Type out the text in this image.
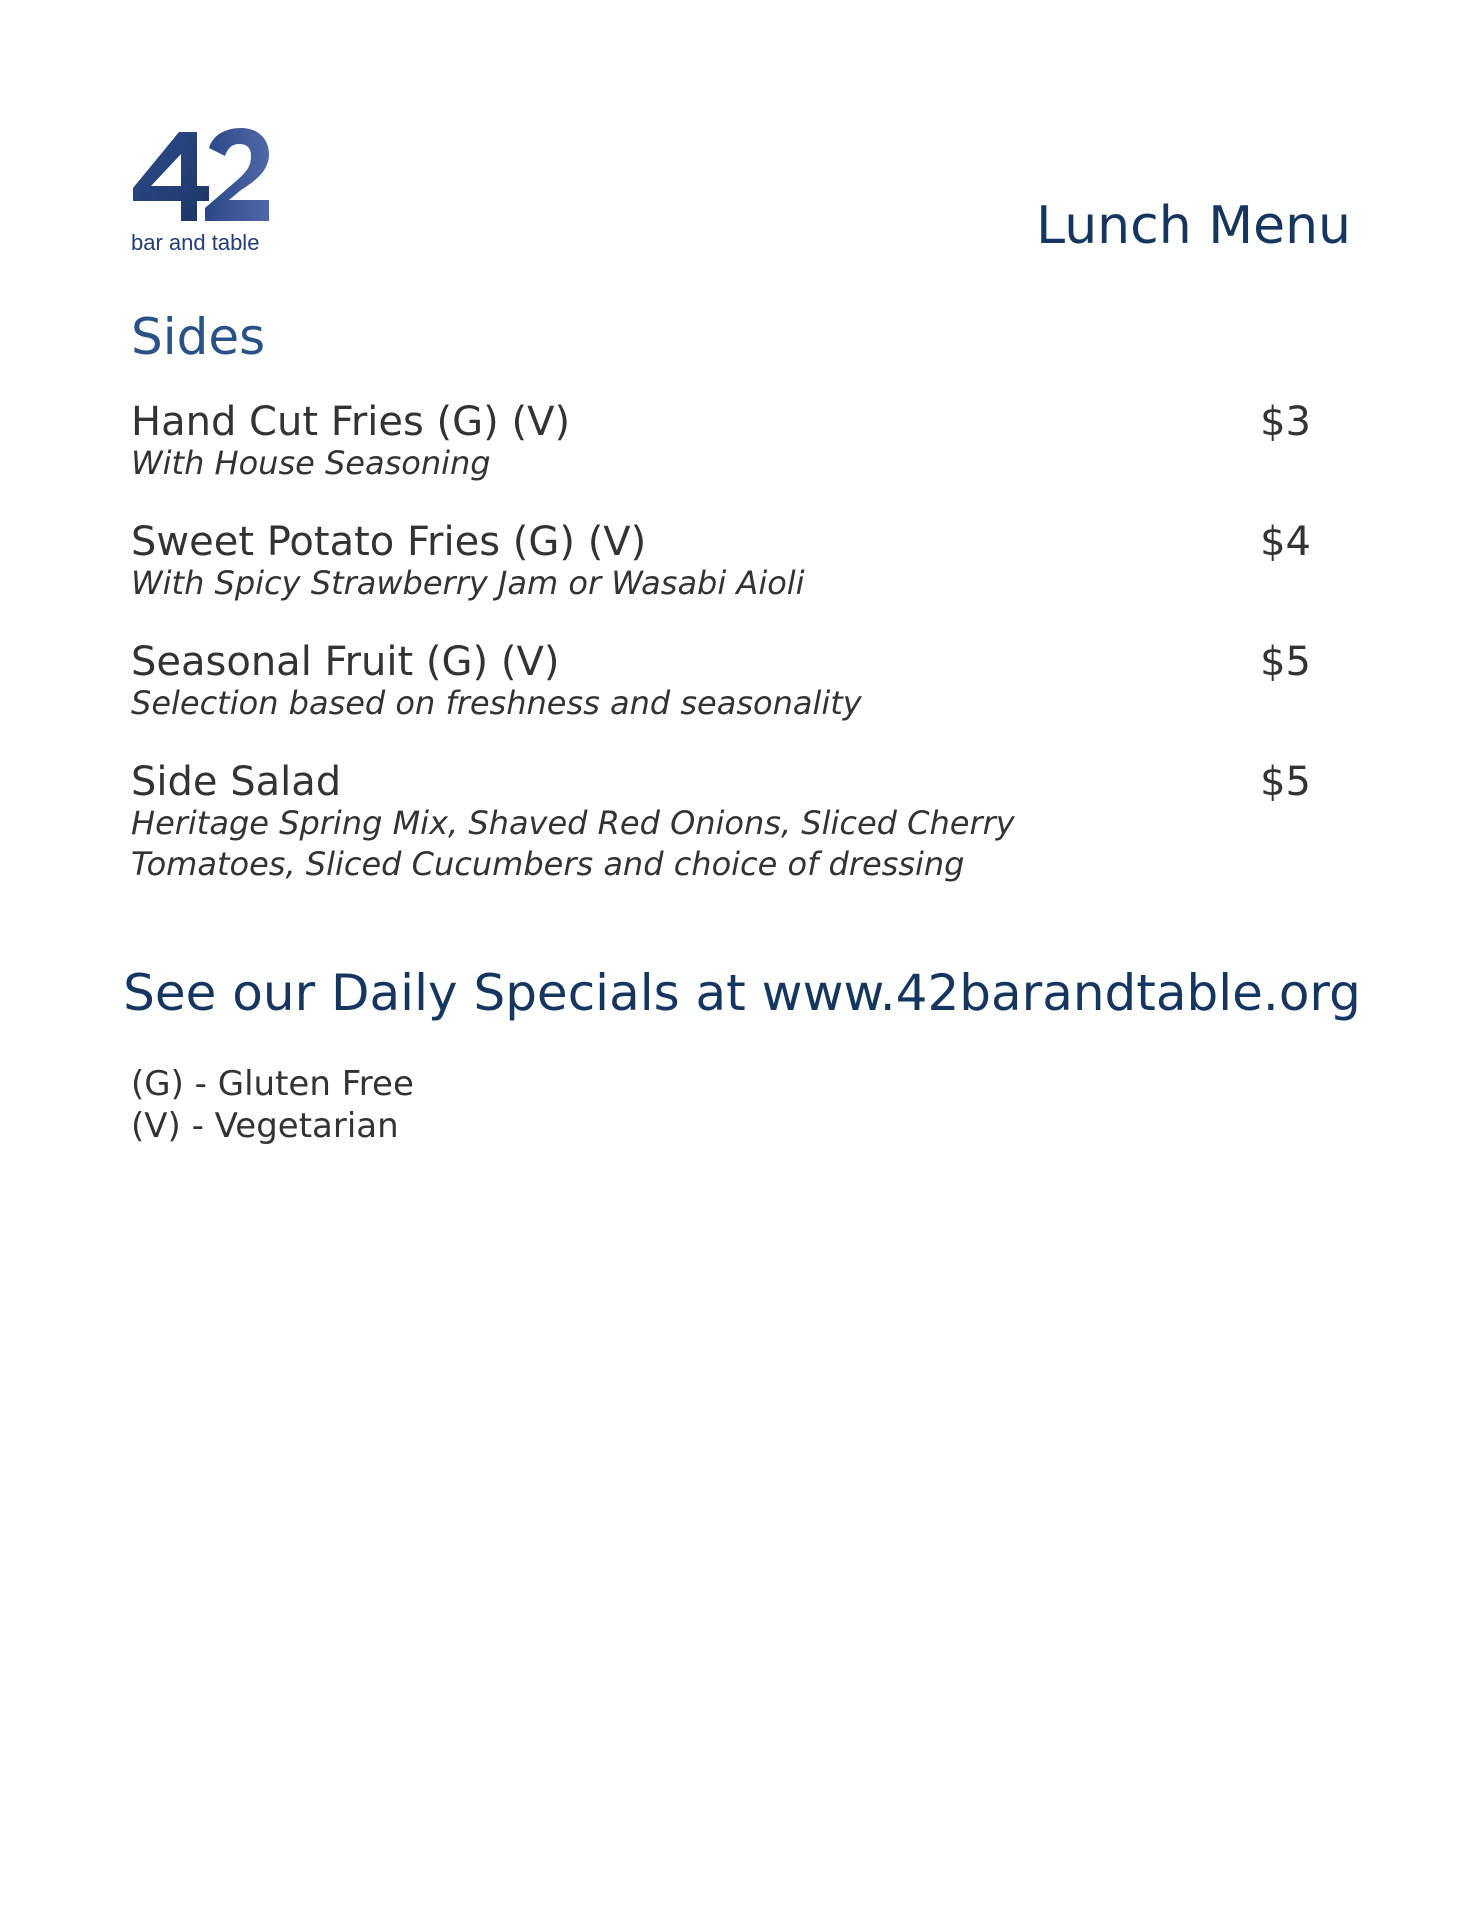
bar and table	Lunch Menu
Sides
Hand Cut Fries (G) (V)	$3
With House Seasoning
Sweet Potato Fries (G) (V)	$4
With Spicy Strawberry Jam or Wasabi Aioli
Seasonal Fruit (G) (V)	$5
Selection based on freshness and seasonality
Side Salad	$5
Heritage Spring Mix, Shaved Red Onions, Sliced Cherry Tomatoes, Sliced Cucumbers and choice of dressing

See our Daily Specials at www.42barandtable.org

(G) - Gluten Free
(V) - Vegetarian
